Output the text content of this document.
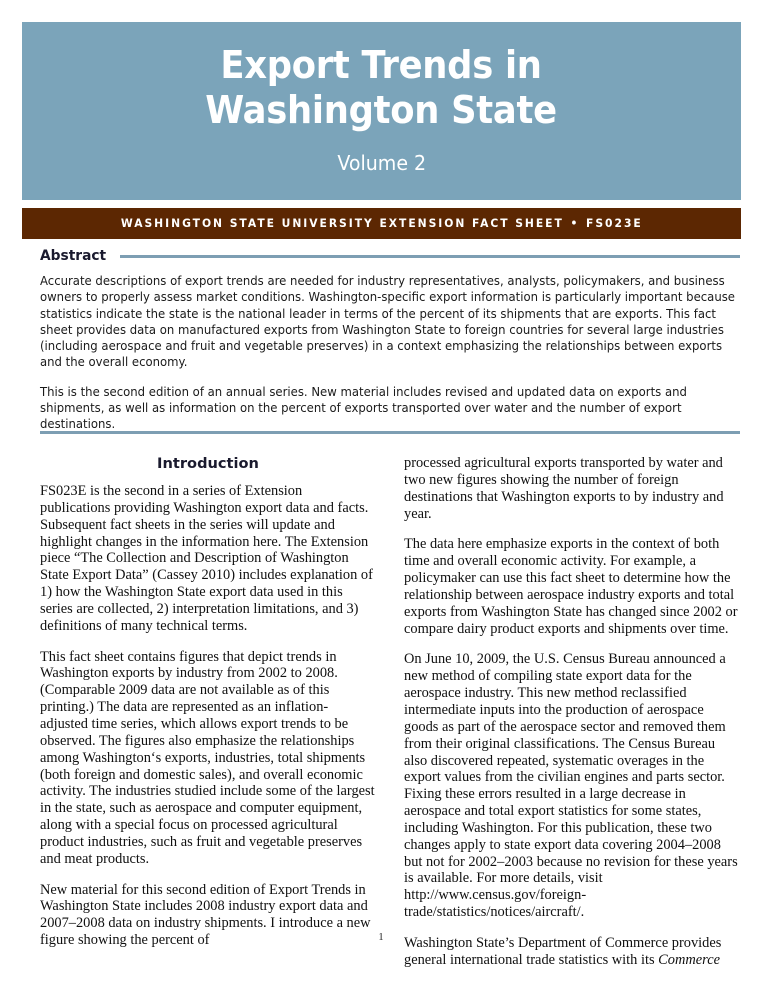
Export Trends in
Washington State
Volume 2
WASHINGTON STATE UNIVERSITY EXTENSION FACT SHEET • FS023E
Abstract

Accurate descriptions of export trends are needed for industry representatives, analysts, policymakers, and business owners to properly assess market conditions. Washington-specific export information is particularly important because statistics indicate the state is the national leader in terms of the percent of its shipments that are exports. This fact sheet provides data on manufactured exports from Washington State to foreign countries for several large industries (including aerospace and fruit and vegetable preserves) in a context emphasizing the relationships between exports and the overall economy.

This is the second edition of an annual series. New material includes revised and updated data on exports and shipments, as well as information on the percent of exports transported over water and the number of export destinations.

Introduction

FS023E is the second in a series of Extension publications providing Washington export data and facts. Subsequent fact sheets in the series will update and highlight changes in the information here. The Extension piece “The Collection and Description of Washington State Export Data” (Cassey 2010) includes explanation of 1) how the Washington State export data used in this series are collected, 2) interpretation limitations, and 3) definitions of many technical terms.

This fact sheet contains figures that depict trends in Washington exports by industry from 2002 to 2008. (Comparable 2009 data are not available as of this printing.) The data are represented as an inflation-adjusted time series, which allows export trends to be observed. The figures also emphasize the relationships among Washington‘s exports, industries, total shipments (both foreign and domestic sales), and overall economic activity. The industries studied include some of the largest in the state, such as aerospace and computer equipment, along with a special focus on processed agricultural product industries, such as fruit and vegetable preserves and meat products.

New material for this second edition of Export Trends in Washington State includes 2008 industry export data and 2007–2008 data on industry shipments. I introduce a new figure showing the percent of

processed agricultural exports transported by water and two new figures showing the number of foreign destinations that Washington exports to by industry and year.

The data here emphasize exports in the context of both time and overall economic activity. For example, a policymaker can use this fact sheet to determine how the relationship between aerospace industry exports and total exports from Washington State has changed since 2002 or compare dairy product exports and shipments over time.

On June 10, 2009, the U.S. Census Bureau announced a new method of compiling state export data for the aerospace industry. This new method reclassified intermediate inputs into the production of aerospace goods as part of the aerospace sector and removed them from their original classifications. The Census Bureau also discovered repeated, systematic overages in the export values from the civilian engines and parts sector. Fixing these errors resulted in a large decrease in aerospace and total export statistics for some states, including Washington. For this publication, these two changes apply to state export data covering 2004–2008 but not for 2002–2003 because no revision for these years is available. For more details, visit http://www.census.gov/foreign-trade/statistics/notices/aircraft/.

Washington State’s Department of Commerce provides general international trade statistics with its Commerce

1
